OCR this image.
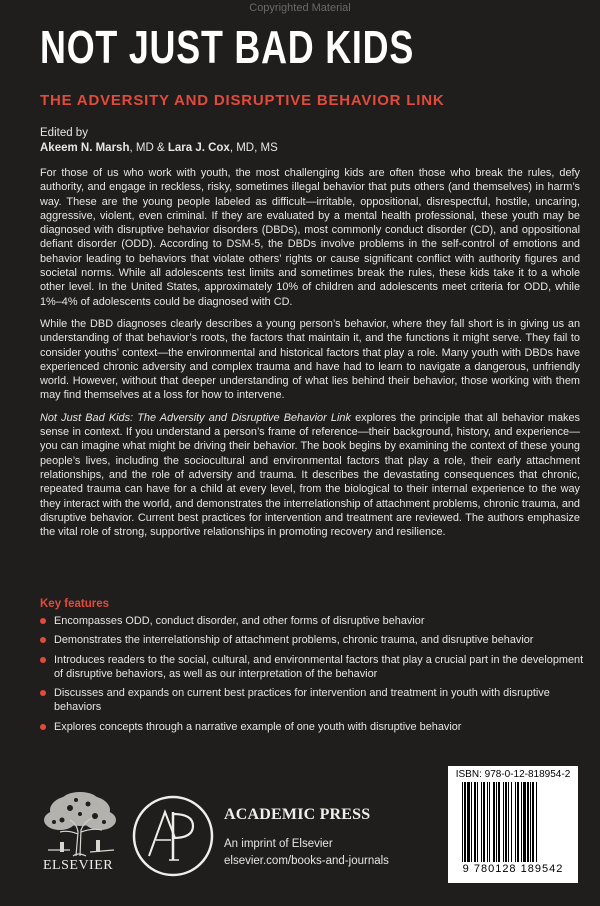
Copyrighted Material
NOT JUST BAD KIDS
THE ADVERSITY AND DISRUPTIVE BEHAVIOR LINK
Edited by
Akeem N. Marsh, MD & Lara J. Cox, MD, MS

For those of us who work with youth, the most challenging kids are often those who break the rules, defy authority, and engage in reckless, risky, sometimes illegal behavior that puts others (and themselves) in harm’s way. These are the young people labeled as difficult—irritable, oppositional, disrespectful, hostile, uncaring, aggressive, violent, even criminal. If they are evaluated by a mental health professional, these youth may be diagnosed with disruptive behavior disorders (DBDs), most commonly conduct disorder (CD), and oppositional defiant disorder (ODD). According to DSM-5, the DBDs involve problems in the self-control of emotions and behavior leading to behaviors that violate others’ rights or cause significant conflict with authority figures and societal norms. While all adolescents test limits and sometimes break the rules, these kids take it to a whole other level. In the United States, approximately 10% of children and adolescents meet criteria for ODD, while 1%–4% of adolescents could be diagnosed with CD.

While the DBD diagnoses clearly describes a young person’s behavior, where they fall short is in giving us an understanding of that behavior’s roots, the factors that maintain it, and the functions it might serve. They fail to consider youths’ context—the environmental and historical factors that play a role. Many youth with DBDs have experienced chronic adversity and complex trauma and have had to learn to navigate a dangerous, unfriendly world. However, without that deeper understanding of what lies behind their behavior, those working with them may find themselves at a loss for how to intervene.

Not Just Bad Kids: The Adversity and Disruptive Behavior Link explores the principle that all behavior makes sense in context. If you understand a person’s frame of reference—their background, history, and experience—you can imagine what might be driving their behavior. The book begins by examining the context of these young people’s lives, including the sociocultural and environmental factors that play a role, their early attachment relationships, and the role of adversity and trauma. It describes the devastating consequences that chronic, repeated trauma can have for a child at every level, from the biological to their internal experience to the way they interact with the world, and demonstrates the interrelationship of attachment problems, chronic trauma, and disruptive behavior. Current best practices for intervention and treatment are reviewed. The authors emphasize the vital role of strong, supportive relationships in promoting recovery and resilience.

Key features
Encompasses ODD, conduct disorder, and other forms of disruptive behavior
Demonstrates the interrelationship of attachment problems, chronic trauma, and disruptive behavior
Introduces readers to the social, cultural, and environmental factors that play a crucial part in the development of disruptive behaviors, as well as our interpretation of the behavior
Discusses and expands on current best practices for intervention and treatment in youth with disruptive behaviors
Explores concepts through a narrative example of one youth with disruptive behavior
ELSEVIER
ACADEMIC PRESS
An imprint of Elsevier
elsevier.com/books-and-journals
ISBN: 978-0-12-818954-2
9 780128 189542
